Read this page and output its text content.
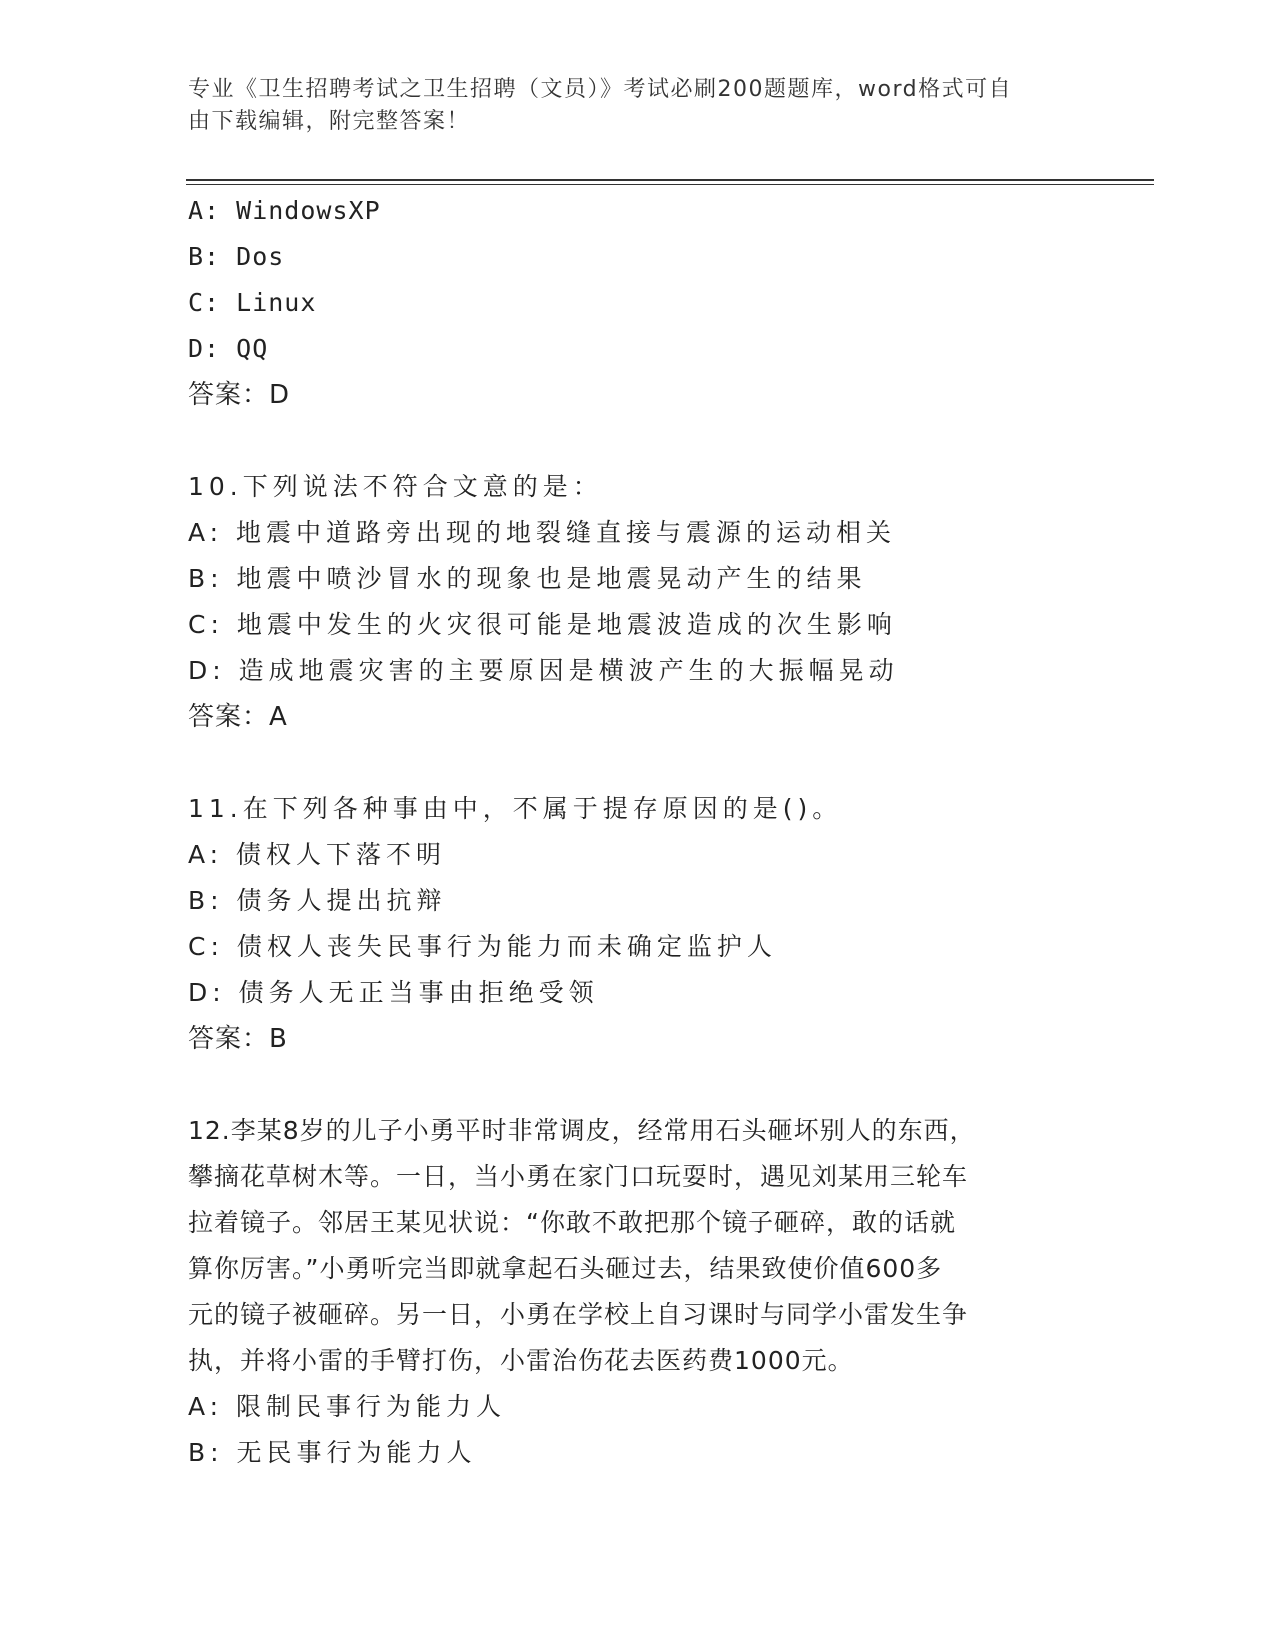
专业《卫生招聘考试之卫生招聘（文员）》考试必刷200题题库，word格式可自
由下载编辑，附完整答案！
A: WindowsXP
B: Dos
C: Linux
D: QQ
答案：D
10.下列说法不符合文意的是：
A: 地震中道路旁出现的地裂缝直接与震源的运动相关
B: 地震中喷沙冒水的现象也是地震晃动产生的结果
C: 地震中发生的火灾很可能是地震波造成的次生影响
D: 造成地震灾害的主要原因是横波产生的大振幅晃动
答案：A
11.在下列各种事由中，不属于提存原因的是()。
A: 债权人下落不明
B: 债务人提出抗辩
C: 债权人丧失民事行为能力而未确定监护人
D: 债务人无正当事由拒绝受领
答案：B
12.李某8岁的儿子小勇平时非常调皮，经常用石头砸坏别人的东西，
攀摘花草树木等。一日，当小勇在家门口玩耍时，遇见刘某用三轮车
拉着镜子。邻居王某见状说：“你敢不敢把那个镜子砸碎，敢的话就
算你厉害。”小勇听完当即就拿起石头砸过去，结果致使价值600多
元的镜子被砸碎。另一日，小勇在学校上自习课时与同学小雷发生争
执，并将小雷的手臂打伤，小雷治伤花去医药费1000元。
A: 限制民事行为能力人
B: 无民事行为能力人
